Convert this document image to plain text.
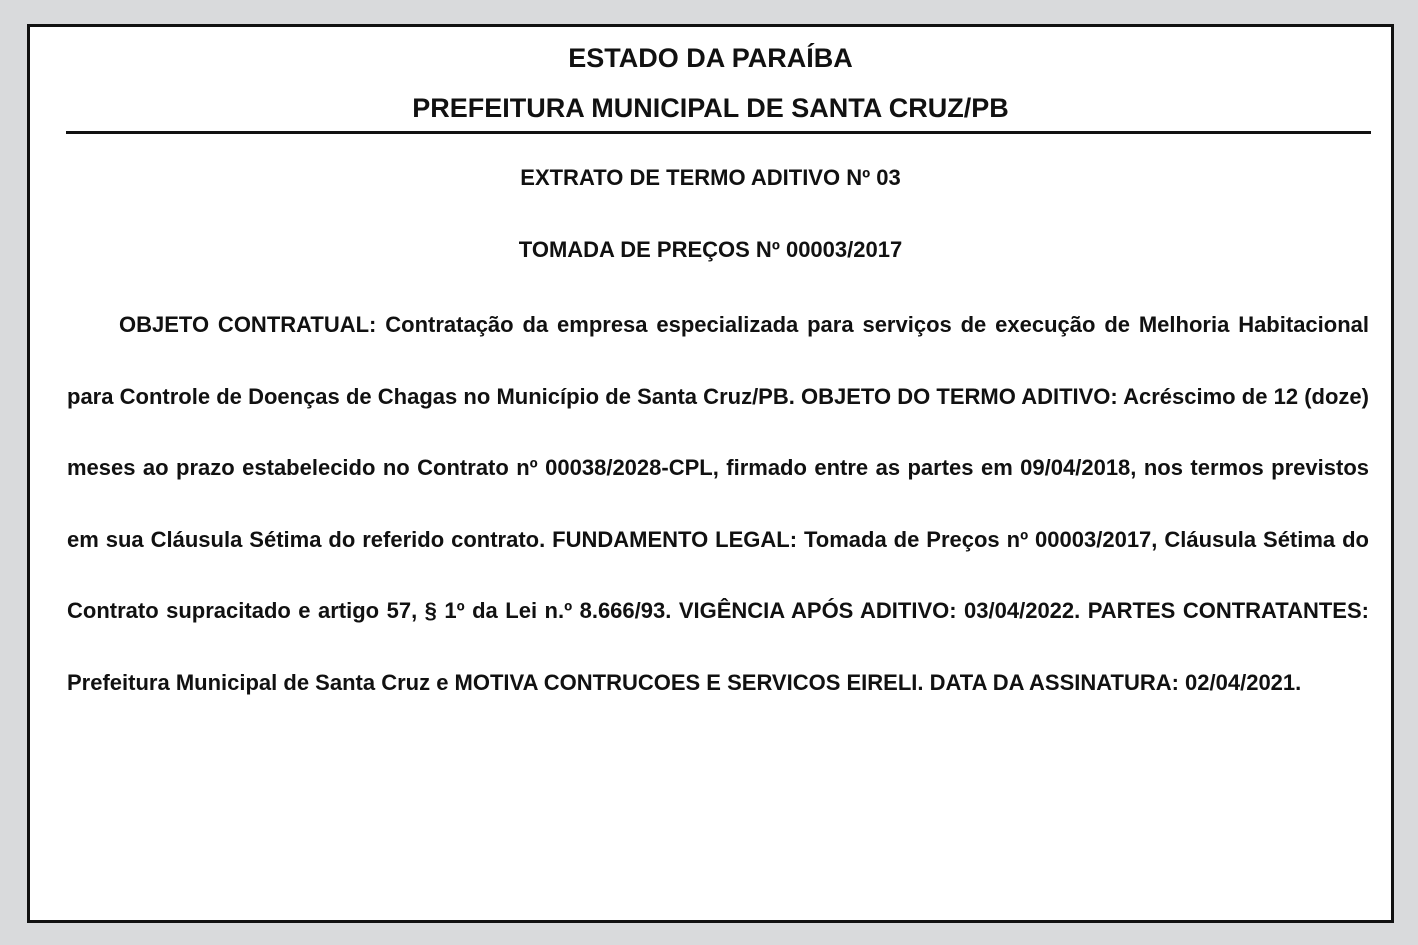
ESTADO DA PARAÍBA
PREFEITURA MUNICIPAL DE SANTA CRUZ/PB
EXTRATO DE TERMO ADITIVO Nº 03
TOMADA DE PREÇOS Nº 00003/2017

OBJETO CONTRATUAL: Contratação da empresa especializada para serviços de execução de Melhoria Habitacional para Controle de Doenças de Chagas no Município de Santa Cruz/PB. OBJETO DO TERMO ADITIVO: Acréscimo de 12 (doze) meses ao prazo estabelecido no Contrato nº 00038/2028-CPL, firmado entre as partes em 09/04/2018, nos termos previstos em sua Cláusula Sétima do referido contrato. FUNDAMENTO LEGAL: Tomada de Preços nº 00003/2017, Cláusula Sétima do Contrato supracitado e artigo 57, § 1º da Lei n.º 8.666/93. VIGÊNCIA APÓS ADITIVO: 03/04/2022. PARTES CONTRATANTES: Prefeitura Municipal de Santa Cruz e MOTIVA CONTRUCOES E SERVICOS EIRELI. DATA DA ASSINATURA: 02/04/2021.
